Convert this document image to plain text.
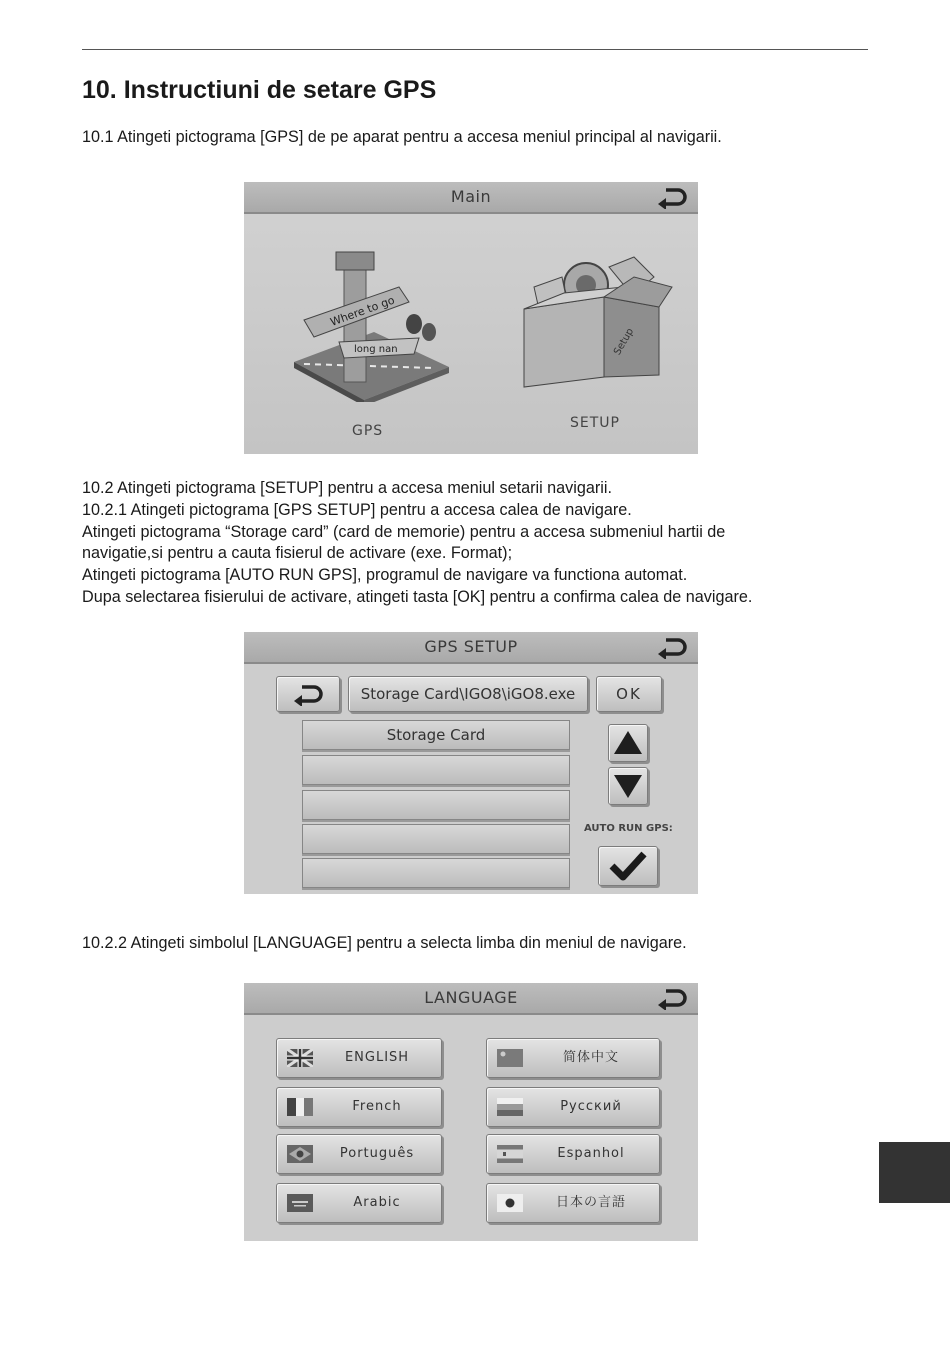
10. Instructiuni de setare GPS

10.1 Atingeti pictograma [GPS] de pe aparat pentru a accesa meniul principal al navigarii.

Main
Where to go
long nan
GPS
Setup
SETUP

10.2 Atingeti pictograma [SETUP] pentru a accesa meniul setarii navigarii.

10.2.1 Atingeti pictograma [GPS SETUP] pentru a accesa calea de navigare.

Atingeti pictograma “Storage card” (card de memorie) pentru a accesa submeniul hartii de

navigatie,si pentru a cauta fisierul de activare (exe. Format);

Atingeti pictograma [AUTO RUN GPS], programul de navigare va functiona automat.

Dupa selectarea fisierului de activare, atingeti tasta [OK] pentru a confirma calea de navigare.

GPS SETUP
Storage Card\IGO8\iGO8.exe	OK
Storage Card
AUTO RUN GPS:

10.2.2 Atingeti simbolul [LANGUAGE] pentru a selecta limba din meniul de navigare.

LANGUAGE
ENGLISH
French
Português
Arabic
简体中文
Русский
Espanhol
日本の言語
